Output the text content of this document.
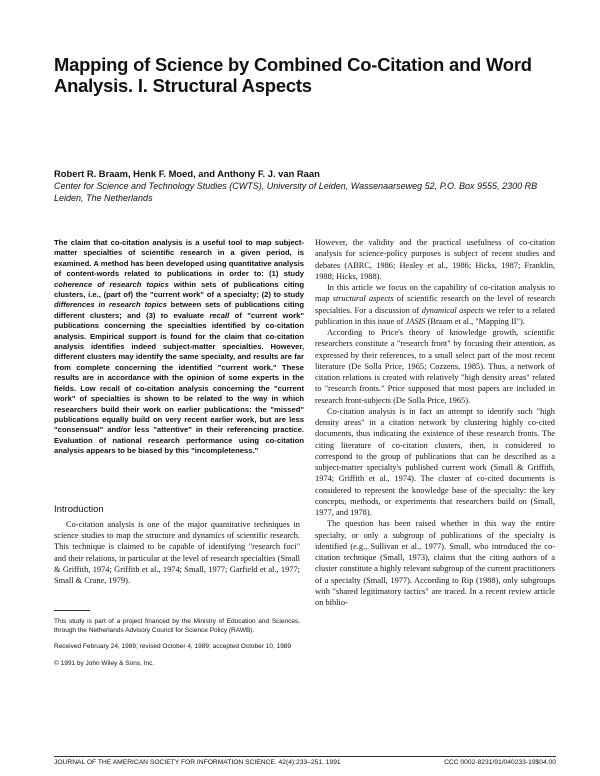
Mapping of Science by Combined Co-Citation and Word Analysis. I. Structural Aspects
Robert R. Braam, Henk F. Moed, and Anthony F. J. van Raan
Center for Science and Technology Studies (CWTS), University of Leiden, Wassenaarseweg 52, P.O. Box 9555, 2300 RB Leiden, The Netherlands
The claim that co-citation analysis is a useful tool to map subject-matter specialties of scientific research in a given period, is examined. A method has been developed using quantitative analysis of content-words related to publications in order to: (1) study coherence of research topics within sets of publications citing clusters, i.e., (part of) the "current work" of a specialty; (2) to study differences in research topics between sets of publications citing different clusters; and (3) to evaluate recall of "current work" publications concerning the specialties identified by co-citation analysis. Empirical support is found for the claim that co-citation analysis identifies indeed subject-matter specialties. However, different clusters may identify the same specialty, and results are far from complete concerning the identified "current work." These results are in accordance with the opinion of some experts in the fields. Low recall of co-citation analysis concerning the "current work" of specialties is shown to be related to the way in which researchers build their work on earlier publications: the "missed" publications equally build on very recent earlier work, but are less "consensual" and/or less "attentive" in their referencing practice. Evaluation of national research performance using co-citation analysis appears to be biased by this "incompleteness."
Introduction

Co-citation analysis is one of the major quantitative techniques in science studies to map the structure and dynamics of scientific research. This technique is claimed to be capable of identifying "research foci" and their relations, in particular at the level of research specialties (Small & Griffith, 1974; Griffith et al., 1974; Small, 1977; Garfield et al., 1977; Small & Crane, 1979).

This study is part of a project financed by the Ministry of Education and Sciences, through the Netherlands Advisory Council for Science Policy (RAWB).

Received February 24, 1989; revised October 4, 1989; accepted October 10, 1989

© 1991 by John Wiley & Sons, Inc.

However, the validity and the practical usefulness of co-citation analysis for science-policy purposes is subject of recent studies and debates (ABRC, 1986; Healey et al., 1986; Hicks, 1987; Franklin, 1988; Hicks, 1988).

In this article we focus on the capability of co-citation analysis to map structural aspects of scientific research on the level of research specialties. For a discussion of dynamical aspects we refer to a related publication in this issue of JASIS (Braam et al., "Mapping II").

According to Price's theory of knowledge growth, scientific researchers constitute a "research front" by focusing their attention, as expressed by their references, to a small select part of the most recent literature (De Solla Price, 1965; Cozzens, 1985). Thus, a network of citation relations is created with relatively "high density areas" related to "research fronts." Price supposed that most papers are included in research front-subjects (De Solla Price, 1965).

Co-citation analysis is in fact an attempt to identify such "high density areas" in a citation network by clustering highly co-cited documents, thus indicating the existence of these research fronts. The citing literature of co-citation clusters, then, is considered to correspond to the group of publications that can be described as a subject-matter specialty's published current work (Small & Griffith, 1974; Griffith et al., 1974). The cluster of co-cited documents is considered to represent the knowledge base of the specialty: the key concepts, methods, or experiments that researchers build on (Small, 1977, and 1978).

The question has been raised whether in this way the entire specialty, or only a subgroup of publications of the specialty is identified (e.g., Sullivan et al., 1977). Small, who introduced the co-citation technique (Small, 1973), claims that the citing authors of a cluster constitute a highly relevant subgroup of the current practitioners of a specialty (Small, 1977). According to Rip (1988), only subgroups with "shared legitimatory tactics" are traced. In a recent review article on biblio-

JOURNAL OF THE AMERICAN SOCIETY FOR INFORMATION SCIENCE. 42(4):233–251, 1991	CCC 0002-8231/91/040233-19$04.00
